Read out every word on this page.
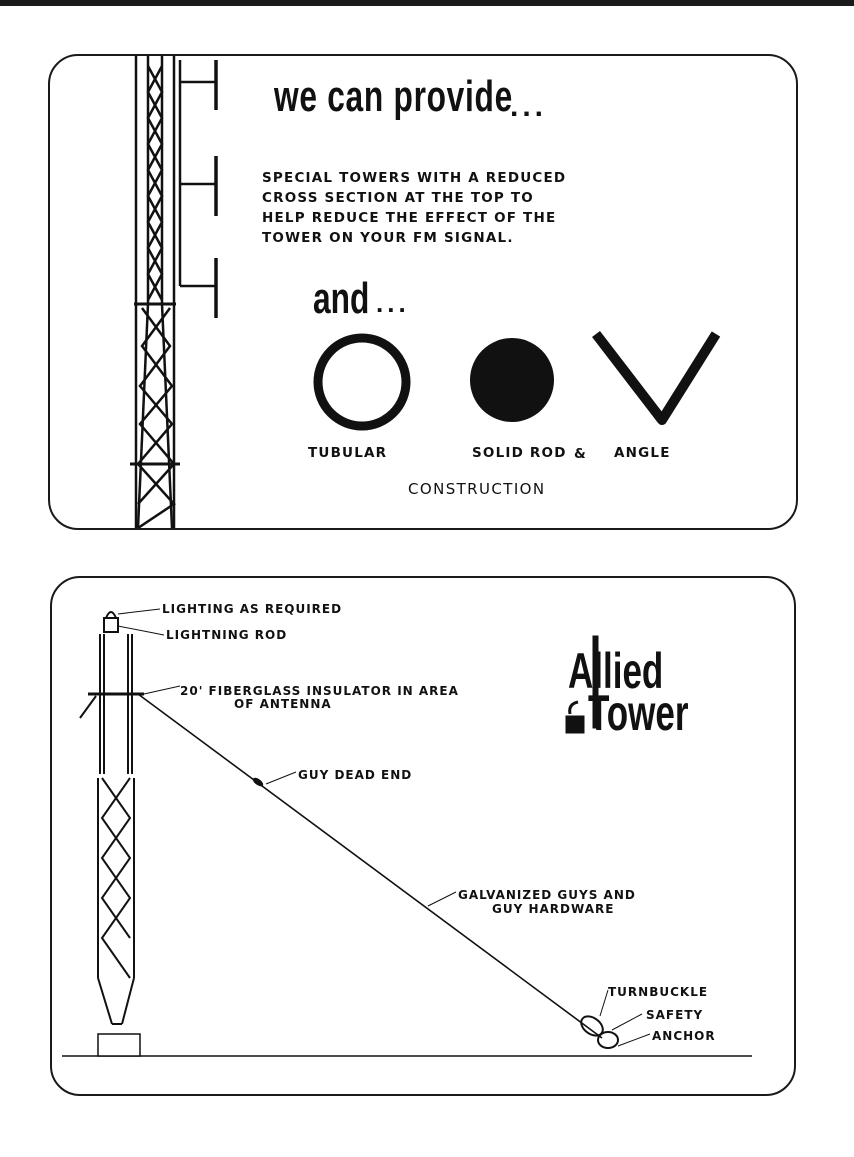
we can provide
...
SPECIAL TOWERS WITH A REDUCED
CROSS SECTION AT THE TOP TO
HELP REDUCE THE EFFECT OF THE
TOWER ON YOUR FM SIGNAL.
and ...
TUBULAR	SOLID ROD & ANGLE
CONSTRUCTION
LIGHTING AS REQUIRED
LIGHTNING ROD
20' FIBERGLASS INSULATOR IN AREA
OF ANTENNA
GUY DEAD END
GALVANIZED GUYS AND
GUY HARDWARE
TURNBUCKLE
SAFETY
ANCHOR
Allied
Tower
